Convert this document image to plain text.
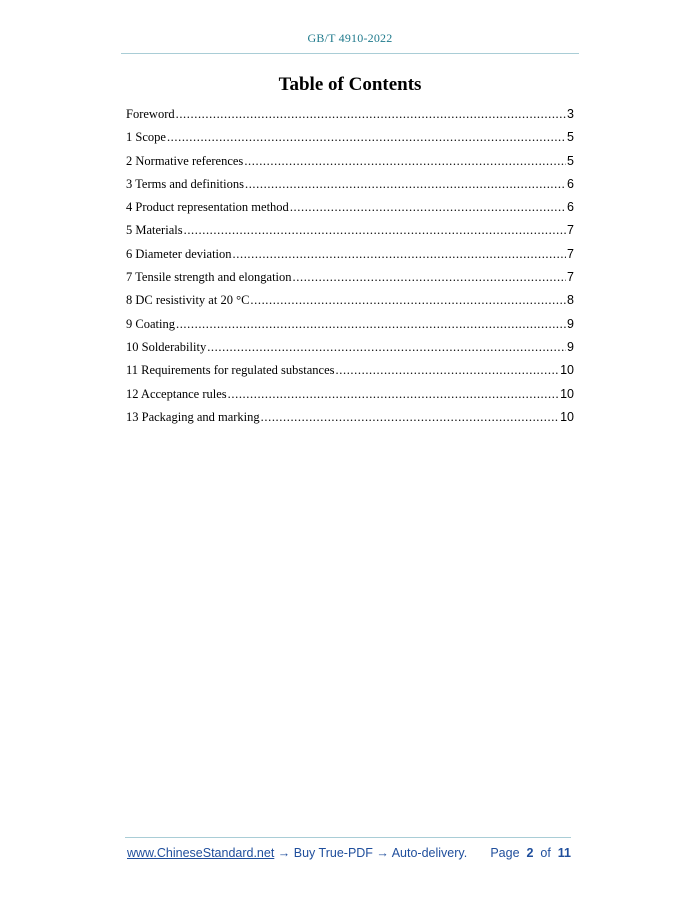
GB/T 4910-2022
Table of Contents
Foreword .....	3
1 Scope .....	5
2 Normative references .....	5
3 Terms and definitions .....	6
4 Product representation method .....	6
5 Materials .....	7
6 Diameter deviation .....	7
7 Tensile strength and elongation .....	7
8 DC resistivity at 20 °C .....	8
9 Coating .....	9
10 Solderability .....	9
11 Requirements for regulated substances .....	10
12 Acceptance rules .....	10
13 Packaging and marking .....	10
www.ChineseStandard.net → Buy True-PDF → Auto-delivery. Page 2 of 11
